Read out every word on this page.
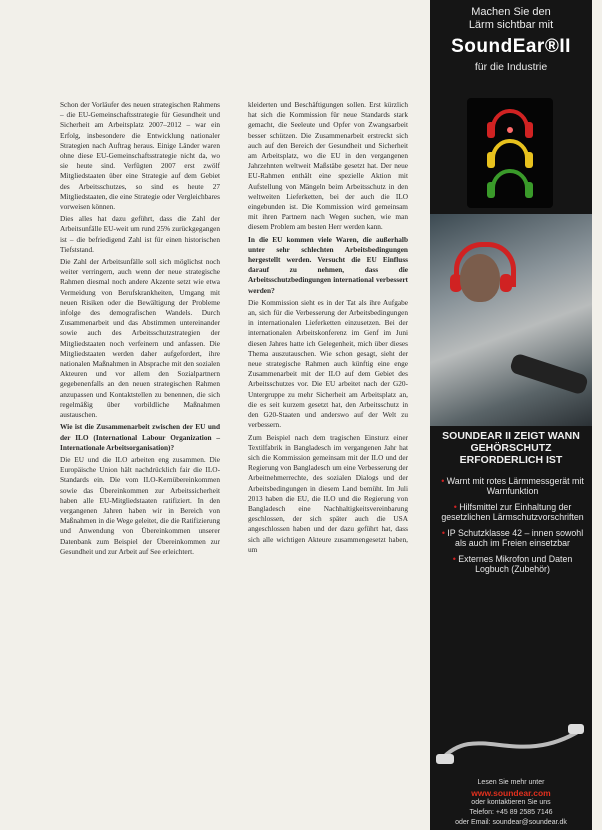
Schon der Vorläufer des neuen strategischen Rahmens – die EU-Gemeinschaftsstrategie für Gesundheit und Sicherheit am Arbeitsplatz 2007–2012 – war ein Erfolg, insbesondere die Entwicklung nationaler Strategien nach Auftrag heraus. Einige Länder waren ohne diese EU-Gemeinschaftsstrategie nicht da, wo sie heute sind. Verfügten 2007 erst zwölf Mitgliedstaaten über eine Strategie auf dem Gebiet des Arbeitsschutzes, so sind es heute 27 Mitgliedstaaten, die eine Strategie oder Vergleichbares vorweisen können.

Dies alles hat dazu geführt, dass die Zahl der Arbeitsunfälle EU-weit um rund 25% zurückgegangen ist – die befriedigend Zahl ist für einen historischen Tiefststand.

Die Zahl der Arbeitsunfälle soll sich möglichst noch weiter verringern, auch wenn der neue strategische Rahmen diesmal noch andere Akzente setzt wie etwa Vermeidung von Berufskrankheiten, Umgang mit neuen Risiken oder die Bewältigung der Probleme infolge des demografischen Wandels. Durch Zusammenarbeit und das Abstimmen untereinander sowie auch des Arbeitsschutzstrategien der Mitgliedstaaten noch verfeinern und anfassen. Die Mitgliedstaaten werden daher aufgefordert, ihre nationalen Maßnahmen in Absprache mit den sozialen Akteuren und vor allem den Sozialpartnern gegebenenfalls an den neuen strategischen Rahmen anzupassen und Kontaktstellen zu benennen, die sich regelmäßig über vorbildliche Maßnahmen austauschen.

Wie ist die Zusammenarbeit zwischen der EU und der ILO (International Labour Organization – Internationale Arbeitsorganisation)?

Die EU und die ILO arbeiten eng zusammen. Die Europäische Union hält nachdrücklich fair die ILO-Standards ein. Die vom ILO-Kernübereinkommen sowie das Übereinkommen zur Arbeitssicherheit haben alle EU-Mitgliedstaaten ratifiziert. In den vergangenen Jahren haben wir in Bereich von Maßnahmen in die Wege geleitet, die die Ratifizierung und Anwendung von Übereinkommen unserer Datenbank zum Beispiel der Übereinkommen zur Gesundheit und zur Arbeit auf See erleichtert.

kleiderten und Beschäftigungen sollen. Erst kürzlich hat sich die Kommission für neue Standards stark gemacht, die Seeleute und Opfer von Zwangsarbeit besser schützen. Die Zusammenarbeit erstreckt sich auch auf den Bereich der Gesundheit und Sicherheit am Arbeitsplatz, wo die EU in den vergangenen Jahrzehnten weltweit Maßstäbe gesetzt hat. Der neue EU-Rahmen enthält eine spezielle Aktion mit Aufstellung von Mängeln beim Arbeitsschutz in den weltweiten Lieferketten, bei der auch die ILO eingebunden ist. Die Kommission wird gemeinsam mit ihren Partnern nach Wegen suchen, wie man diesem Problem am besten Herr werden kann.

In die EU kommen viele Waren, die außerhalb unter sehr schlechten Arbeitsbedingungen hergestellt werden. Versucht die EU Einfluss darauf zu nehmen, dass die Arbeitsschutzbedingungen international verbessert werden?

Die Kommission sieht es in der Tat als ihre Aufgabe an, sich für die Verbesserung der Arbeitsbedingungen in internationalen Lieferketten einzusetzen. Bei der internationalen Arbeitskonferenz im Genf im Juni diesen Jahres hatte ich Gelegenheit, mich über dieses Thema auszutauschen. Wie schon gesagt, sieht der neue strategische Rahmen auch künftig eine enge Zusammenarbeit mit der ILO auf dem Gebiet des Arbeitsschutzes vor. Die EU arbeitet nach der G20-Untergruppe zu mehr Sicherheit am Arbeitsplatz an, die es seit kurzem gesetzt hat, den Arbeitsschutz in den G20-Staaten und anderswo auf der Welt zu verbessern.

Zum Beispiel nach dem tragischen Einsturz einer Textilfabrik in Bangladesch im vergangenen Jahr hat sich die Kommission gemeinsam mit der ILO und der Regierung von Bangladesch um eine Verbesserung der Arbeitnehmerrechte, des sozialen Dialogs und der Arbeitsbedingungen in diesem Land bemüht. Im Juli 2013 haben die EU, die ILO und die Regierung von Bangladesch eine Nachhaltigkeitsvereinbarung geschlossen, der sich später auch die USA angeschlossen haben und der dazu geführt hat, dass sich alle wichtigen Akteure zusammengesetzt haben, um

Machen Sie den
Lärm sichtbar mit
SoundEar®II
für die Industrie
SOUNDEAR II ZEIGT WANN GEHÖRSCHUTZ ERFORDERLICH IST
• Warnt mit rotes Lärmmessgerät mit Warnfunktion
• Hilfsmittel zur Einhaltung der gesetzlichen Lärmschutzvorschriften
• IP Schutzklasse 42 – innen sowohl als auch im Freien einsetzbar
• Externes Mikrofon und Daten Logbuch (Zubehör)
Lesen Sie mehr unter
www.soundear.com
oder kontaktieren Sie uns
Telefon: +45 89 2585 7146
oder Email: soundear@soundear.dk
